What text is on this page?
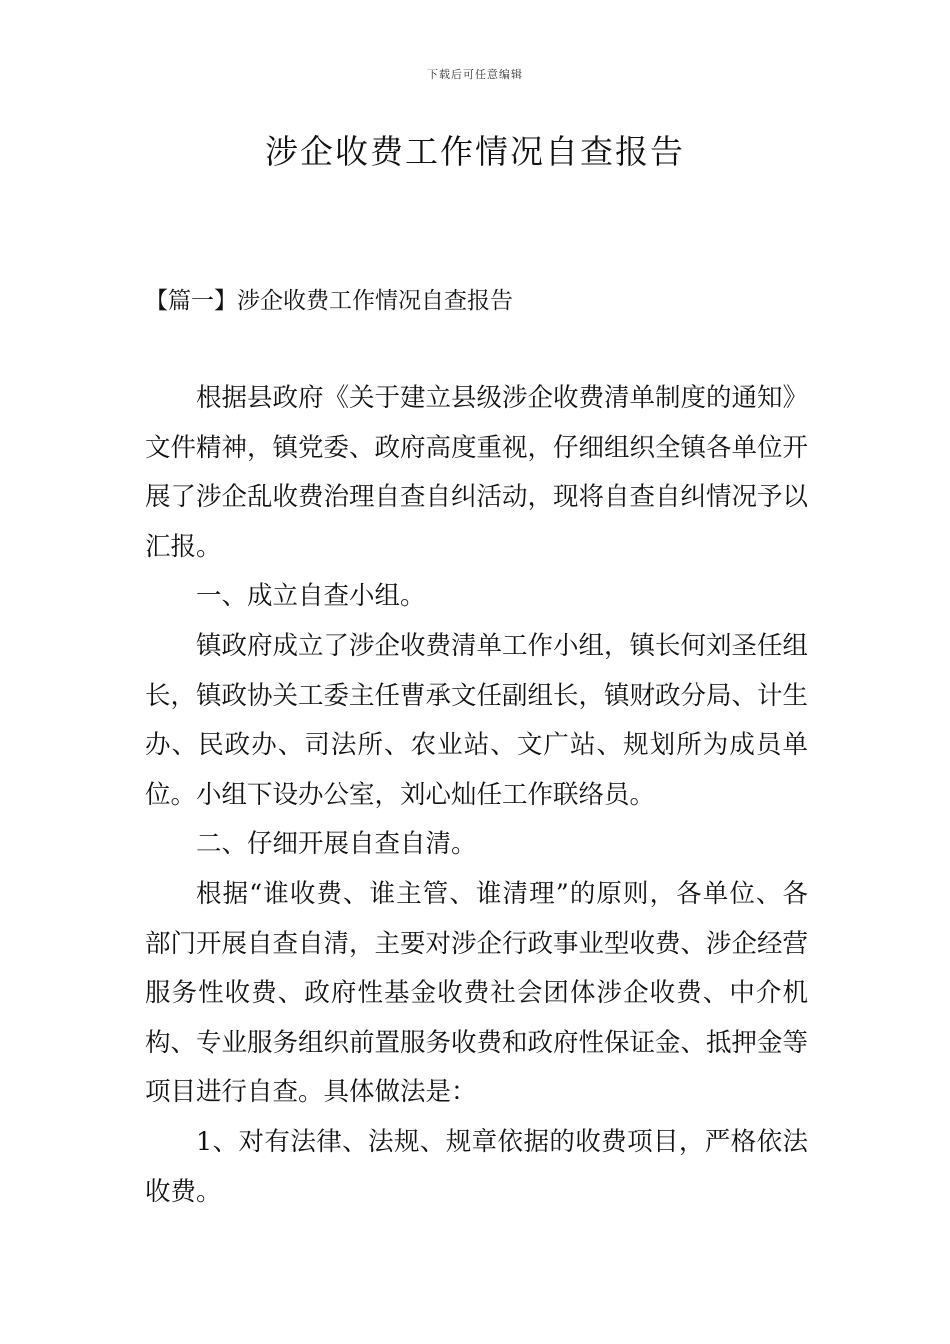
下载后可任意编辑
涉企收费工作情况自查报告
【篇一】涉企收费工作情况自查报告

根据县政府《关于建立县级涉企收费清单制度的通知》文件精神，镇党委、政府高度重视，仔细组织全镇各单位开展了涉企乱收费治理自查自纠活动，现将自查自纠情况予以汇报。

一、成立自查小组。

镇政府成立了涉企收费清单工作小组，镇长何刘圣任组长，镇政协关工委主任曹承文任副组长，镇财政分局、计生办、民政办、司法所、农业站、文广站、规划所为成员单位。小组下设办公室，刘心灿任工作联络员。

二、仔细开展自查自清。

根据“谁收费、谁主管、谁清理”的原则，各单位、各部门开展自查自清，主要对涉企行政事业型收费、涉企经营服务性收费、政府性基金收费社会团体涉企收费、中介机构、专业服务组织前置服务收费和政府性保证金、抵押金等项目进行自查。具体做法是：

1、对有法律、法规、规章依据的收费项目，严格依法收费。
